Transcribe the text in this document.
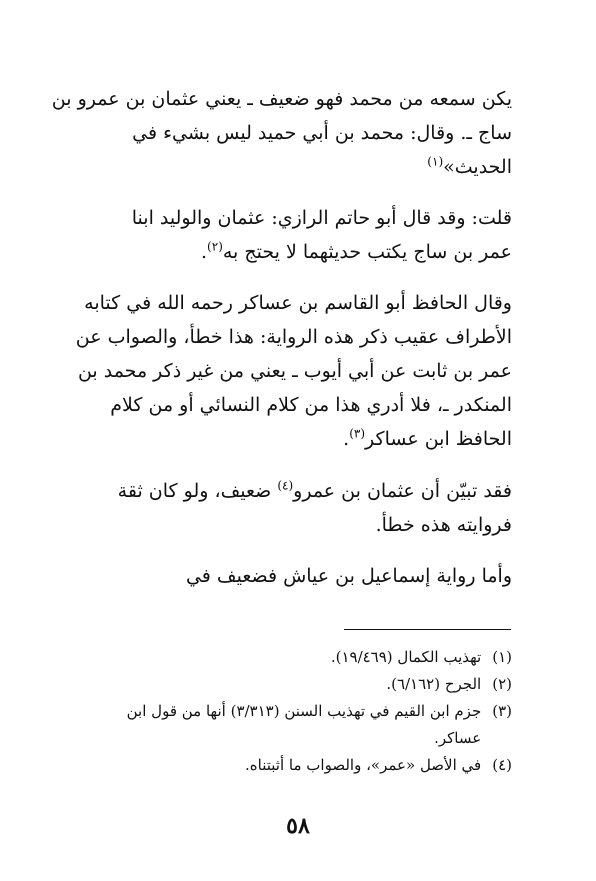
يكن سمعه من محمد فهو ضعيف ـ يعني عثمان بن عمرو بن
ساج ـ. وقال: محمد بن أبي حميد ليس بشيء في
الحديث»$^{(١)}$
قلت: وقد قال أبو حاتم الرازي: عثمان والوليد ابنا
عمر بن ساج يكتب حديثهما لا يحتج به$^{(٢)}$.
وقال الحافظ أبو القاسم بن عساكر رحمه الله في كتابه
الأطراف عقيب ذكر هذه الرواية: هذا خطأ، والصواب عن
عمر بن ثابت عن أبي أيوب ـ يعني من غير ذكر محمد بن
المنكدر ـ، فلا أدري هذا من كلام النسائي أو من كلام
الحافظ ابن عساكر$^{(٣)}$.
فقد تبيّن أن عثمان بن عمرو$^{(٤)}$ ضعيف، ولو كان ثقة
فروايته هذه خطأ.
وأما رواية إسماعيل بن عياش فضعيف في
(١) تهذيب الكمال (١٩/٤٦٩).
(٢) الجرح (٦/١٦٢).
(٣) جزم ابن القيم في تهذيب السنن (٣/٣١٣) أنها من قول ابن
عساكر.
(٤) في الأصل «عمر»، والصواب ما أثبتناه.
٥٨
